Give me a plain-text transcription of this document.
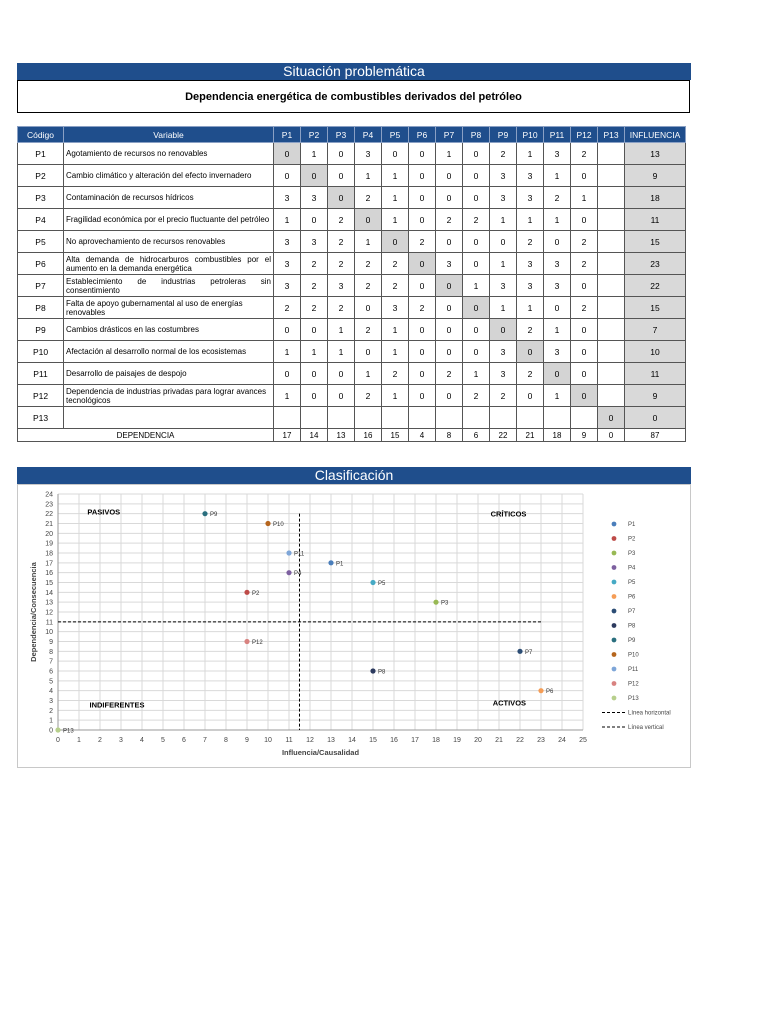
Situación problemática
Dependencia energética de combustibles derivados del petróleo
Código	Variable	P1	P2	P3	P4	P5	P6	P7	P8	P9	P10	P11	P12	P13	INFLUENCIA
P1	Agotamiento de recursos no renovables	0	1	0	3	0	0	1	0	2	1	3	2		13
P2	Cambio climático y alteración del efecto invernadero	0	0	0	1	1	0	0	0	3	3	1	0		9
P3	Contaminación de recursos hídricos	3	3	0	2	1	0	0	0	3	3	2	1		18
P4	Fragilidad económica por el precio fluctuante del petróleo	1	0	2	0	1	0	2	2	1	1	1	0		11
P5	No aprovechamiento de recursos renovables	3	3	2	1	0	2	0	0	0	2	0	2		15
P6	Alta demanda de hidrocarburos combustibles por el aumento en la demanda energética	3	2	2	2	2	0	3	0	1	3	3	2		23
P7	Establecimiento de industrias petroleras sin consentimiento	3	2	3	2	2	0	0	1	3	3	3	0		22
P8	Falta de apoyo gubernamental al uso de energías renovables	2	2	2	0	3	2	0	0	1	1	0	2		15
P9	Cambios drásticos en las costumbres	0	0	1	2	1	0	0	0	0	2	1	0		7
P10	Afectación al desarrollo normal de los ecosistemas	1	1	1	0	1	0	0	0	3	0	3	0		10
P11	Desarrollo de paisajes de despojo	0	0	0	1	2	0	2	1	3	2	0	0		11
P12	Dependencia de industrias privadas para lograr avances tecnológicos	1	0	0	2	1	0	0	2	2	0	1	0		9
P13														0	0
DEPENDENCIA		17	14	13	16	15	4	8	6	22	21	18	9	0	87
Clasificación
0 1 2 3 4 5 6 7 8 9 10 11 12 13 14 15 16 17 18 19 20 21 22 23 24 25
0
1
2
3
4
5
6
7
8
9
10
11
12
13
14
15
16
17
18
19
20
21
22
23
24
Influencia/Causalidad
Dependencia/Consecuencia
PASIVOS	CRÍTICOS
INDIFERENTES	ACTIVOS
P1
P2
P3
P4
P5
P6
P7
P8
P9
P10
P11
P12
P13
P1
P2
P3
P4
P5
P6
P7
P8
P9
P10
P11
P12
P13
Línea horizontal
Línea vertical
